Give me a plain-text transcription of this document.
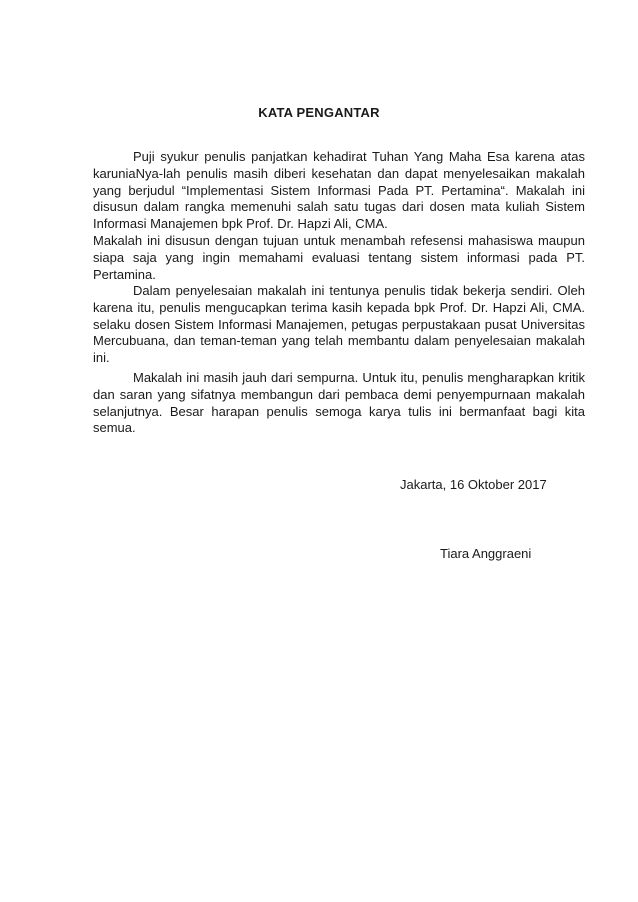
KATA PENGANTAR

Puji syukur penulis panjatkan kehadirat Tuhan Yang Maha Esa karena atas karuniaNya-lah penulis masih diberi kesehatan dan dapat menyelesaikan makalah yang berjudul “Implementasi Sistem Informasi Pada PT. Pertamina“. Makalah ini disusun dalam rangka memenuhi salah satu tugas dari dosen mata kuliah Sistem Informasi Manajemen bpk Prof. Dr. Hapzi Ali, CMA.

Makalah ini disusun dengan tujuan untuk menambah refesensi mahasiswa maupun siapa saja yang ingin memahami evaluasi tentang sistem informasi pada PT. Pertamina.

Dalam penyelesaian makalah ini tentunya penulis tidak bekerja sendiri. Oleh karena itu, penulis mengucapkan terima kasih kepada bpk Prof. Dr. Hapzi Ali, CMA. selaku dosen Sistem Informasi Manajemen, petugas perpustakaan pusat Universitas Mercubuana, dan teman-teman yang telah membantu dalam penyelesaian makalah ini.

Makalah ini masih jauh dari sempurna. Untuk itu, penulis mengharapkan kritik dan saran yang sifatnya membangun dari pembaca demi penyempurnaan makalah selanjutnya. Besar harapan penulis semoga karya tulis ini bermanfaat bagi kita semua.

Jakarta, 16 Oktober 2017
Tiara Anggraeni
